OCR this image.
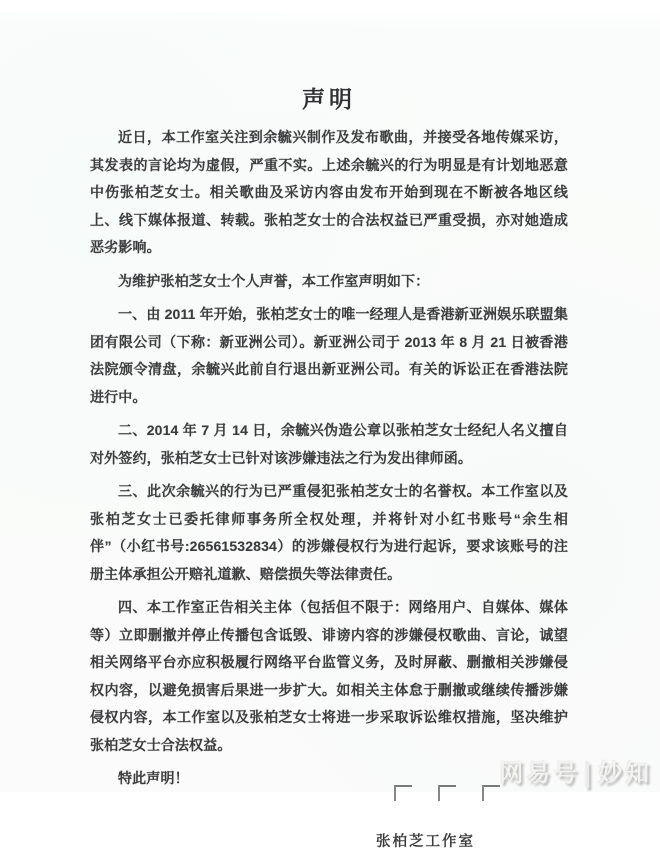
声明

近日，本工作室关注到余毓兴制作及发布歌曲，并接受各地传媒采访，其发表的言论均为虚假，严重不实。上述余毓兴的行为明显是有计划地恶意中伤张柏芝女士。相关歌曲及采访内容由发布开始到现在不断被各地区线上、线下媒体报道、转载。张柏芝女士的合法权益已严重受损，亦对她造成恶劣影响。

为维护张柏芝女士个人声誉，本工作室声明如下：

一、由 2011 年开始，张柏芝女士的唯一经理人是香港新亚洲娱乐联盟集团有限公司（下称：新亚洲公司）。新亚洲公司于 2013 年 8 月 21 日被香港法院颁令清盘，余毓兴此前自行退出新亚洲公司。有关的诉讼正在香港法院进行中。

二、2014 年 7 月 14 日，余毓兴伪造公章以张柏芝女士经纪人名义擅自对外签约，张柏芝女士已针对该涉嫌违法之行为发出律师函。

三、此次余毓兴的行为已严重侵犯张柏芝女士的名誉权。本工作室以及张柏芝女士已委托律师事务所全权处理，并将针对小红书账号“余生相伴”（小红书号:26561532834）的涉嫌侵权行为进行起诉，要求该账号的注册主体承担公开赔礼道歉、赔偿损失等法律责任。

四、本工作室正告相关主体（包括但不限于：网络用户、自媒体、媒体等）立即删撤并停止传播包含诋毁、诽谤内容的涉嫌侵权歌曲、言论，诚望相关网络平台亦应积极履行网络平台监管义务，及时屏蔽、删撤相关涉嫌侵权内容，以避免损害后果进一步扩大。如相关主体怠于删撤或继续传播涉嫌侵权内容，本工作室以及张柏芝女士将进一步采取诉讼维权措施，坚决维护张柏芝女士合法权益。

特此声明！

张柏芝工作室
网易号 | 妙知
